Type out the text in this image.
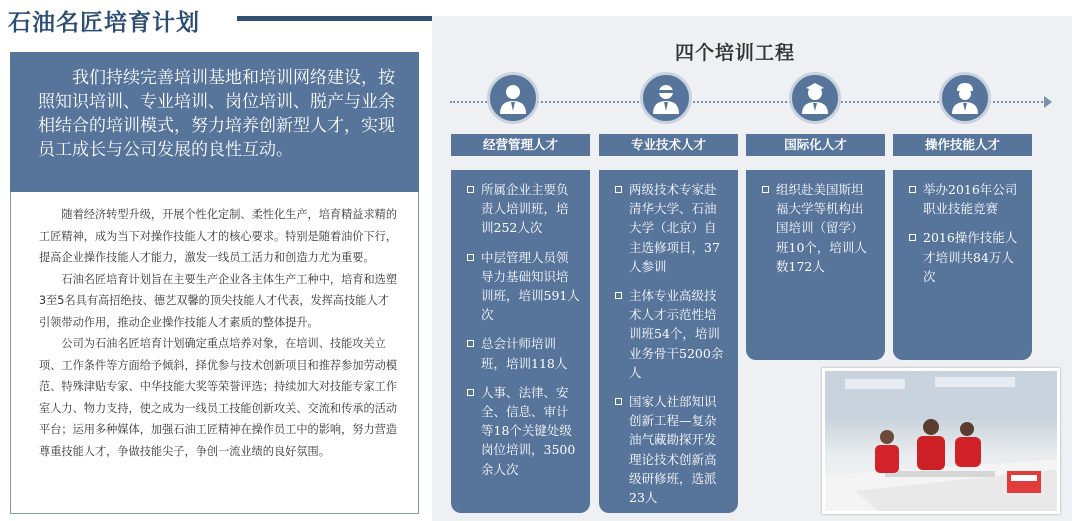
石油名匠培育计划

我们持续完善培训基地和培训网络建设，按照知识培训、专业培训、岗位培训、脱产与业余相结合的培训模式，努力培养创新型人才，实现员工成长与公司发展的良性互动。

随着经济转型升级，开展个性化定制、柔性化生产，培育精益求精的工匠精神，成为当下对操作技能人才的核心要求。特别是随着油价下行，提高企业操作技能人才能力，激发一线员工活力和创造力尤为重要。

石油名匠培育计划旨在主要生产企业各主体生产工种中，培育和选塑3至5名具有高招绝技、德艺双馨的顶尖技能人才代表，发挥高技能人才引领带动作用，推动企业操作技能人才素质的整体提升。

公司为石油名匠培育计划确定重点培养对象，在培训、技能攻关立项、工作条件等方面给予倾斜，择优参与技术创新项目和推荐参加劳动模范、特殊津贴专家、中华技能大奖等荣誉评选；持续加大对技能专家工作室人力、物力支持，使之成为一线员工技能创新攻关、交流和传承的活动平台；运用多种媒体，加强石油工匠精神在操作员工中的影响，努力营造尊重技能人才，争做技能尖子，争创一流业绩的良好氛围。

四个培训工程
经营管理人才	专业技术人才	国际化人才	操作技能人才
所属企业主要负责人培训班，培训252人次
中层管理人员领导力基础知识培训班，培训591人次
总会计师培训班，培训118人
人事、法律、安全、信息、审计等18个关键处级岗位培训，3500余人次
两级技术专家赴清华大学、石油大学（北京）自主选修项目，37人参训
主体专业高级技术人才示范性培训班54个，培训业务骨干5200余人
国家人社部知识创新工程—复杂油气藏勘探开发理论技术创新高级研修班，选派23人
组织赴美国斯坦福大学等机构出国培训（留学）班10个，培训人数172人
举办2016年公司职业技能竞赛
2016操作技能人才培训共84万人次
